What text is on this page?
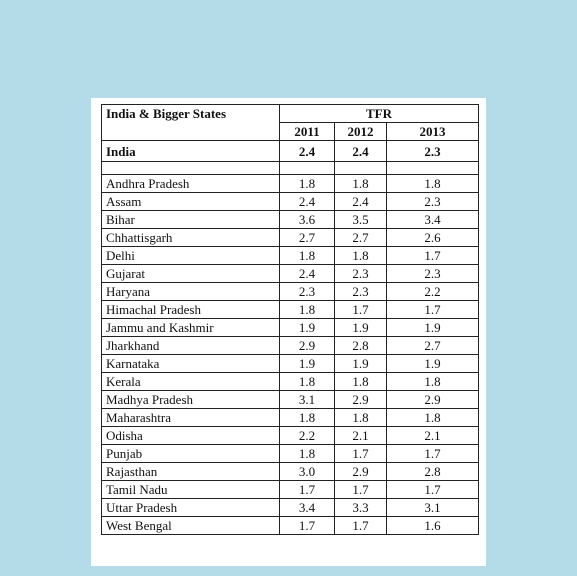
India & Bigger States	TFR		
	2011	2012	2013
India	2.4	2.4	2.3

Andhra Pradesh	1.8	1.8	1.8
Assam	2.4	2.4	2.3
Bihar	3.6	3.5	3.4
Chhattisgarh	2.7	2.7	2.6
Delhi	1.8	1.8	1.7
Gujarat	2.4	2.3	2.3
Haryana	2.3	2.3	2.2
Himachal Pradesh	1.8	1.7	1.7
Jammu and Kashmir	1.9	1.9	1.9
Jharkhand	2.9	2.8	2.7
Karnataka	1.9	1.9	1.9
Kerala	1.8	1.8	1.8
Madhya Pradesh	3.1	2.9	2.9
Maharashtra	1.8	1.8	1.8
Odisha	2.2	2.1	2.1
Punjab	1.8	1.7	1.7
Rajasthan	3.0	2.9	2.8
Tamil Nadu	1.7	1.7	1.7
Uttar Pradesh	3.4	3.3	3.1
West Bengal	1.7	1.7	1.6
